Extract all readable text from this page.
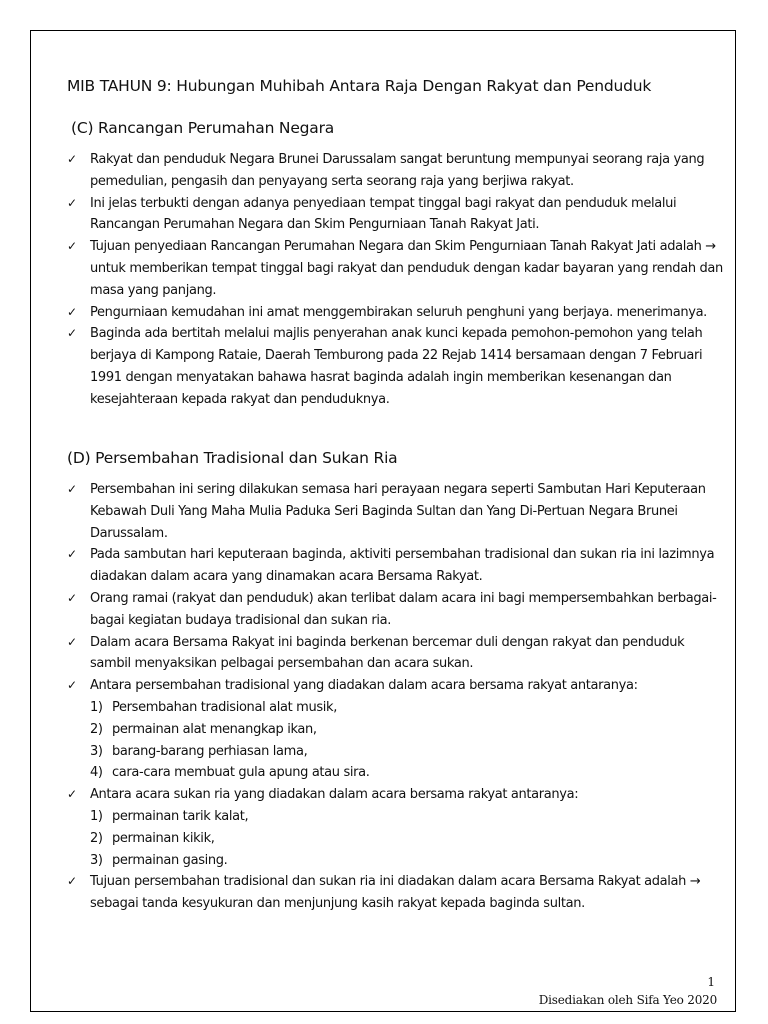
MIB TAHUN 9: Hubungan Muhibah Antara Raja Dengan Rakyat dan Penduduk
(C) Rancangan Perumahan Negara
✓ Rakyat dan penduduk Negara Brunei Darussalam sangat beruntung mempunyai seorang raja yang pemedulian, pengasih dan penyayang serta seorang raja yang berjiwa rakyat.
✓ Ini jelas terbukti dengan adanya penyediaan tempat tinggal bagi rakyat dan penduduk melalui Rancangan Perumahan Negara dan Skim Pengurniaan Tanah Rakyat Jati.
✓ Tujuan penyediaan Rancangan Perumahan Negara dan Skim Pengurniaan Tanah Rakyat Jati adalah → untuk memberikan tempat tinggal bagi rakyat dan penduduk dengan kadar bayaran yang rendah dan masa yang panjang.
✓ Pengurniaan kemudahan ini amat menggembirakan seluruh penghuni yang berjaya. menerimanya.
✓ Baginda ada bertitah melalui majlis penyerahan anak kunci kepada pemohon-pemohon yang telah berjaya di Kampong Rataie, Daerah Temburong pada 22 Rejab 1414 bersamaan dengan 7 Februari 1991 dengan menyatakan bahawa hasrat baginda adalah ingin memberikan kesenangan dan kesejahteraan kepada rakyat dan penduduknya.
(D) Persembahan Tradisional dan Sukan Ria
✓ Persembahan ini sering dilakukan semasa hari perayaan negara seperti Sambutan Hari Keputeraan Kebawah Duli Yang Maha Mulia Paduka Seri Baginda Sultan dan Yang Di-Pertuan Negara Brunei Darussalam.
✓ Pada sambutan hari keputeraan baginda, aktiviti persembahan tradisional dan sukan ria ini lazimnya diadakan dalam acara yang dinamakan acara Bersama Rakyat.
✓ Orang ramai (rakyat dan penduduk) akan terlibat dalam acara ini bagi mempersembahkan berbagai-bagai kegiatan budaya tradisional dan sukan ria.
✓ Dalam acara Bersama Rakyat ini baginda berkenan bercemar duli dengan rakyat dan penduduk sambil menyaksikan pelbagai persembahan dan acara sukan.
✓ Antara persembahan tradisional yang diadakan dalam acara bersama rakyat antaranya:
1) Persembahan tradisional alat musik,
2) permainan alat menangkap ikan,
3) barang-barang perhiasan lama,
4) cara-cara membuat gula apung atau sira.
✓ Antara acara sukan ria yang diadakan dalam acara bersama rakyat antaranya:
1) permainan tarik kalat,
2) permainan kikik,
3) permainan gasing.
✓ Tujuan persembahan tradisional dan sukan ria ini diadakan dalam acara Bersama Rakyat adalah → sebagai tanda kesyukuran dan menjunjung kasih rakyat kepada baginda sultan.
1
Disediakan oleh Sifa Yeo 2020
